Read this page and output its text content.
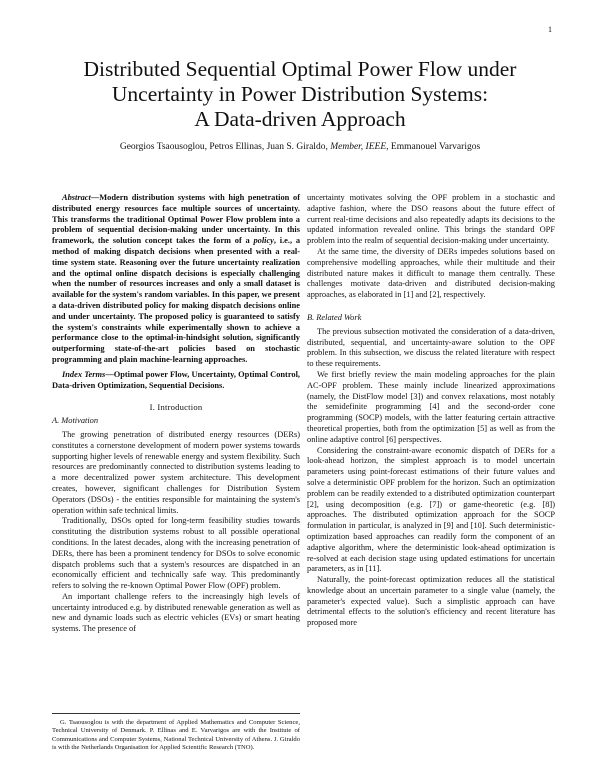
1
Distributed Sequential Optimal Power Flow under
Uncertainty in Power Distribution Systems:
A Data-driven Approach
Georgios Tsaousoglou, Petros Ellinas, Juan S. Giraldo, Member, IEEE, Emmanouel Varvarigos

Abstract—Modern distribution systems with high penetration of distributed energy resources face multiple sources of uncertainty. This transforms the traditional Optimal Power Flow problem into a problem of sequential decision-making under uncertainty. In this framework, the solution concept takes the form of a policy, i.e., a method of making dispatch decisions when presented with a real-time system state. Reasoning over the future uncertainty realization and the optimal online dispatch decisions is especially challenging when the number of resources increases and only a small dataset is available for the system's random variables. In this paper, we present a data-driven distributed policy for making dispatch decisions online and under uncertainty. The proposed policy is guaranteed to satisfy the system's constraints while experimentally shown to achieve a performance close to the optimal-in-hindsight solution, significantly outperforming state-of-the-art policies based on stochastic programming and plain machine-learning approaches.

Index Terms—Optimal power Flow, Uncertainty, Optimal Control, Data-driven Optimization, Sequential Decisions.

I. Introduction

A. Motivation

The growing penetration of distributed energy resources (DERs) constitutes a cornerstone development of modern power systems towards supporting higher levels of renewable energy and system flexibility. Such resources are predominantly connected to distribution systems leading to a more decentralized power system architecture. This development creates, however, significant challenges for Distribution System Operators (DSOs) - the entities responsible for maintaining the system's operation within safe technical limits.

Traditionally, DSOs opted for long-term feasibility studies towards constituting the distribution systems robust to all possible operational conditions. In the latest decades, along with the increasing penetration of DERs, there has been a prominent tendency for DSOs to solve economic dispatch problems such that a system's resources are dispatched in an economically efficient and technically safe way. This predominantly refers to solving the re-known Optimal Power Flow (OPF) problem.

An important challenge refers to the increasingly high levels of uncertainty introduced e.g. by distributed renewable generation as well as new and dynamic loads such as electric vehicles (EVs) or smart heating systems. The presence of

uncertainty motivates solving the OPF problem in a stochastic and adaptive fashion, where the DSO reasons about the future effect of current real-time decisions and also repeatedly adapts its decisions to the updated information revealed online. This brings the standard OPF problem into the realm of sequential decision-making under uncertainty.

At the same time, the diversity of DERs impedes solutions based on comprehensive modelling approaches, while their multitude and their distributed nature makes it difficult to manage them centrally. These challenges motivate data-driven and distributed decision-making approaches, as elaborated in [1] and [2], respectively.

B. Related Work

The previous subsection motivated the consideration of a data-driven, distributed, sequential, and uncertainty-aware solution to the OPF problem. In this subsection, we discuss the related literature with respect to these requirements.

We first briefly review the main modeling approaches for the plain AC-OPF problem. These mainly include linearized approximations (namely, the DistFlow model [3]) and convex relaxations, most notably the semidefinite programming [4] and the second-order cone programming (SOCP) models, with the latter featuring certain attractive theoretical properties, both from the optimization [5] as well as from the online adaptive control [6] perspectives.

Considering the constraint-aware economic dispatch of DERs for a look-ahead horizon, the simplest approach is to model uncertain parameters using point-forecast estimations of their future values and solve a deterministic OPF problem for the horizon. Such an optimization problem can be readily extended to a distributed optimization counterpart [2], using decomposition (e.g. [7]) or game-theoretic (e.g. [8]) approaches. The distributed optimization approach for the SOCP formulation in particular, is analyzed in [9] and [10]. Such deterministic-optimization based approaches can readily form the component of an adaptive algorithm, where the deterministic look-ahead optimization is re-solved at each decision stage using updated estimations for uncertain parameters, as in [11].

Naturally, the point-forecast optimization reduces all the statistical knowledge about an uncertain parameter to a single value (namely, the parameter's expected value). Such a simplistic approach can have detrimental effects to the solution's efficiency and recent literature has proposed more

G. Tsaousoglou is with the department of Applied Mathematics and Computer Science, Technical University of Denmark. P. Ellinas and E. Varvarigos are with the Institute of Communications and Computer Systems, National Technical University of Athens. J. Giraldo is with the Netherlands Organisation for Applied Scientific Research (TNO).
